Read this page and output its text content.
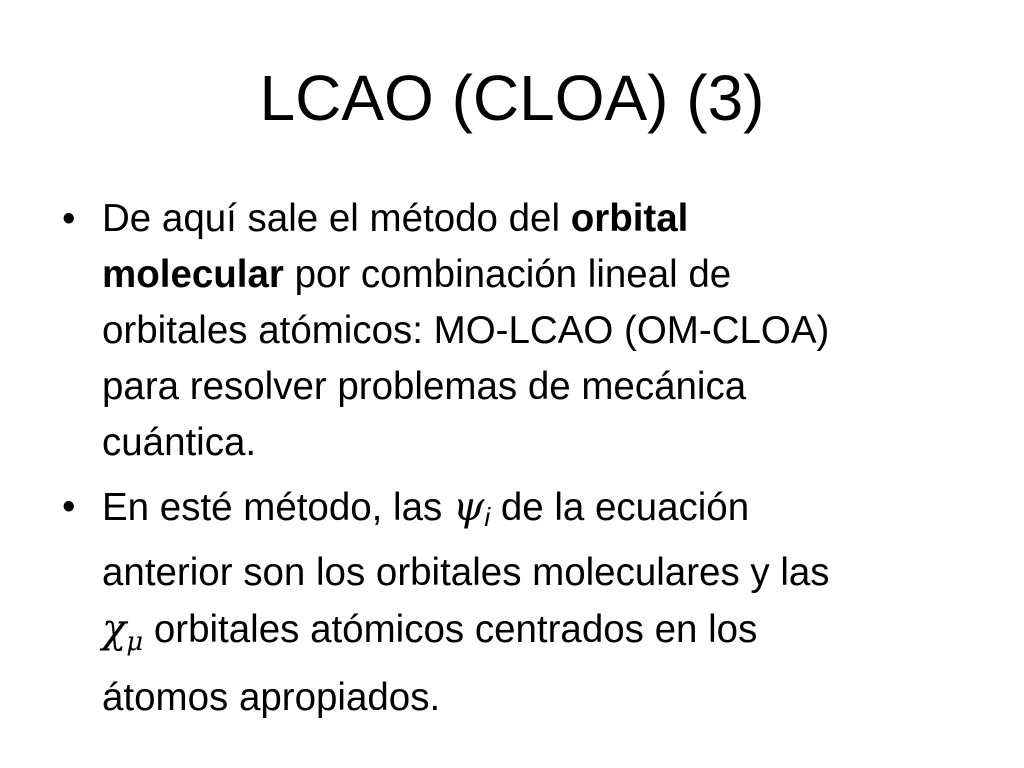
LCAO (CLOA) (3)
• De aquí sale el método del orbital
molecular por combinación lineal de
orbitales atómicos: MO-LCAO (OM-CLOA)
para resolver problemas de mecánica
cuántica.
• En esté método, las $\psi_i$ de la ecuación
anterior son los orbitales moleculares y las
$\chi_\mu$ orbitales atómicos centrados en los
átomos apropiados.
